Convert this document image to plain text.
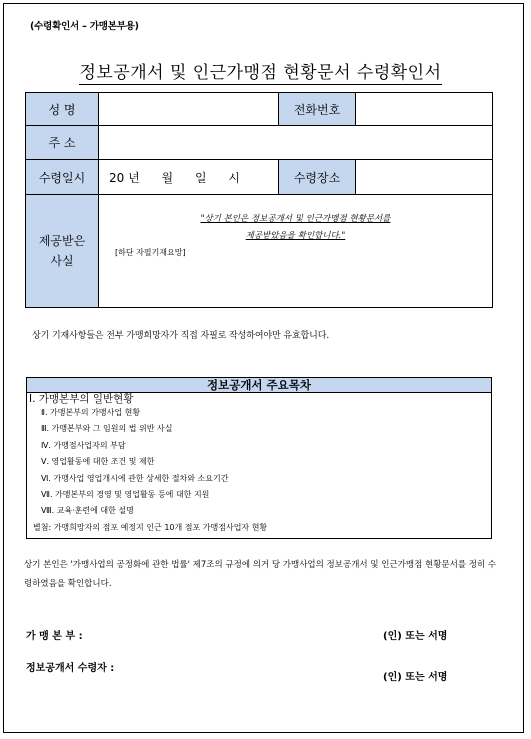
(수령확인서 – 가맹본부용)
정보공개서 및 인근가맹점 현황문서 수령확인서
성 명		전화번호	
주 소			
수령일시	20 년 월 일 시	수령장소	
제공받은 사실	"상기 본인은 정보공개서 및 인근가맹점 현황문서를
제공받았음을 확인합니다."
[하단 자필기재요망]		
상기 기재사항들은 전부 가맹희망자가 직접 자필로 작성하여야만 유효합니다.
정보공개서 주요목차
Ⅰ. 가맹본부의 일반현황
Ⅱ. 가맹본부의 가맹사업 현황
Ⅲ. 가맹본부와 그 임원의 법 위반 사실
Ⅳ. 가맹점사업자의 부담
Ⅴ. 영업활동에 대한 조건 및 제한
Ⅵ. 가맹사업 영업개시에 관한 상세한 절차와 소요기간
Ⅶ. 가맹본부의 경영 및 영업활동 등에 대한 지원
Ⅷ. 교육·훈련에 대한 설명
별첨: 가맹희망자의 점포 예정지 인근 10개 점포 가맹점사업자 현황
상기 본인은 '가맹사업의 공정화에 관한 법률' 제7조의 규정에 의거 당 가맹사업의 정보공개서 및 인근가맹점 현황문서를 정히 수령하였음을 확인합니다.
가 맹 본 부 :	(인) 또는 서명
정보공개서 수령자 :
(인) 또는 서명
